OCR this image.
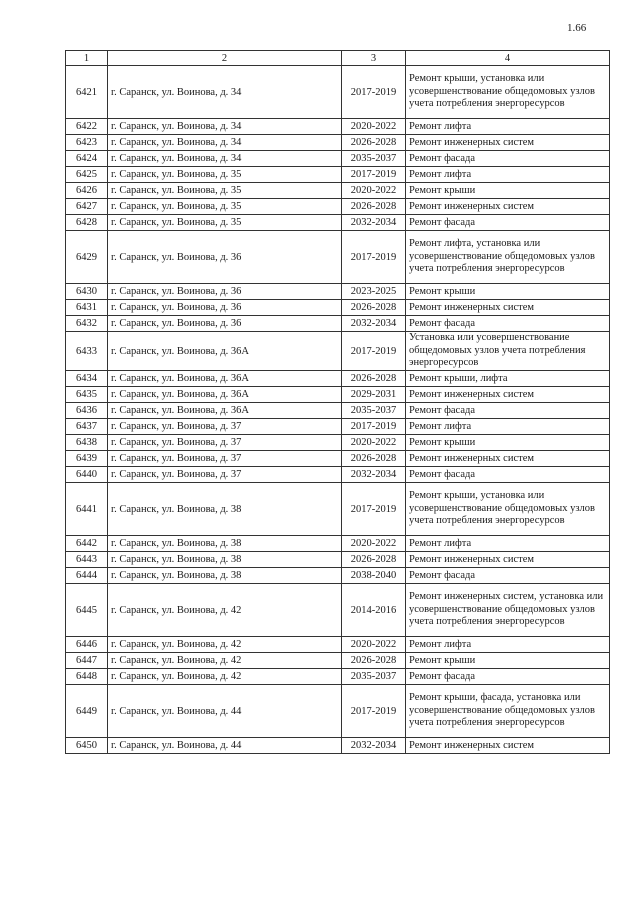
1.66
1	2	3	4
6421	г. Саранск, ул. Воинова, д. 34	2017-2019	Ремонт крыши, установка или усовершенствование общедомовых узлов учета потребления энергоресурсов
6422	г. Саранск, ул. Воинова, д. 34	2020-2022	Ремонт лифта
6423	г. Саранск, ул. Воинова, д. 34	2026-2028	Ремонт инженерных систем
6424	г. Саранск, ул. Воинова, д. 34	2035-2037	Ремонт фасада
6425	г. Саранск, ул. Воинова, д. 35	2017-2019	Ремонт лифта
6426	г. Саранск, ул. Воинова, д. 35	2020-2022	Ремонт крыши
6427	г. Саранск, ул. Воинова, д. 35	2026-2028	Ремонт инженерных систем
6428	г. Саранск, ул. Воинова, д. 35	2032-2034	Ремонт фасада
6429	г. Саранск, ул. Воинова, д. 36	2017-2019	Ремонт лифта, установка или усовершенствование общедомовых узлов учета потребления энергоресурсов
6430	г. Саранск, ул. Воинова, д. 36	2023-2025	Ремонт крыши
6431	г. Саранск, ул. Воинова, д. 36	2026-2028	Ремонт инженерных систем
6432	г. Саранск, ул. Воинова, д. 36	2032-2034	Ремонт фасада
6433	г. Саранск, ул. Воинова, д. 36А	2017-2019	Установка или усовершенствование общедомовых узлов учета потребления энергоресурсов
6434	г. Саранск, ул. Воинова, д. 36А	2026-2028	Ремонт крыши, лифта
6435	г. Саранск, ул. Воинова, д. 36А	2029-2031	Ремонт инженерных систем
6436	г. Саранск, ул. Воинова, д. 36А	2035-2037	Ремонт фасада
6437	г. Саранск, ул. Воинова, д. 37	2017-2019	Ремонт лифта
6438	г. Саранск, ул. Воинова, д. 37	2020-2022	Ремонт крыши
6439	г. Саранск, ул. Воинова, д. 37	2026-2028	Ремонт инженерных систем
6440	г. Саранск, ул. Воинова, д. 37	2032-2034	Ремонт фасада
6441	г. Саранск, ул. Воинова, д. 38	2017-2019	Ремонт крыши, установка или усовершенствование общедомовых узлов учета потребления энергоресурсов
6442	г. Саранск, ул. Воинова, д. 38	2020-2022	Ремонт лифта
6443	г. Саранск, ул. Воинова, д. 38	2026-2028	Ремонт инженерных систем
6444	г. Саранск, ул. Воинова, д. 38	2038-2040	Ремонт фасада
6445	г. Саранск, ул. Воинова, д. 42	2014-2016	Ремонт инженерных систем, установка или усовершенствование общедомовых узлов учета потребления энергоресурсов
6446	г. Саранск, ул. Воинова, д. 42	2020-2022	Ремонт лифта
6447	г. Саранск, ул. Воинова, д. 42	2026-2028	Ремонт крыши
6448	г. Саранск, ул. Воинова, д. 42	2035-2037	Ремонт фасада
6449	г. Саранск, ул. Воинова, д. 44	2017-2019	Ремонт крыши, фасада, установка или усовершенствование общедомовых узлов учета потребления энергоресурсов
6450	г. Саранск, ул. Воинова, д. 44	2032-2034	Ремонт инженерных систем
